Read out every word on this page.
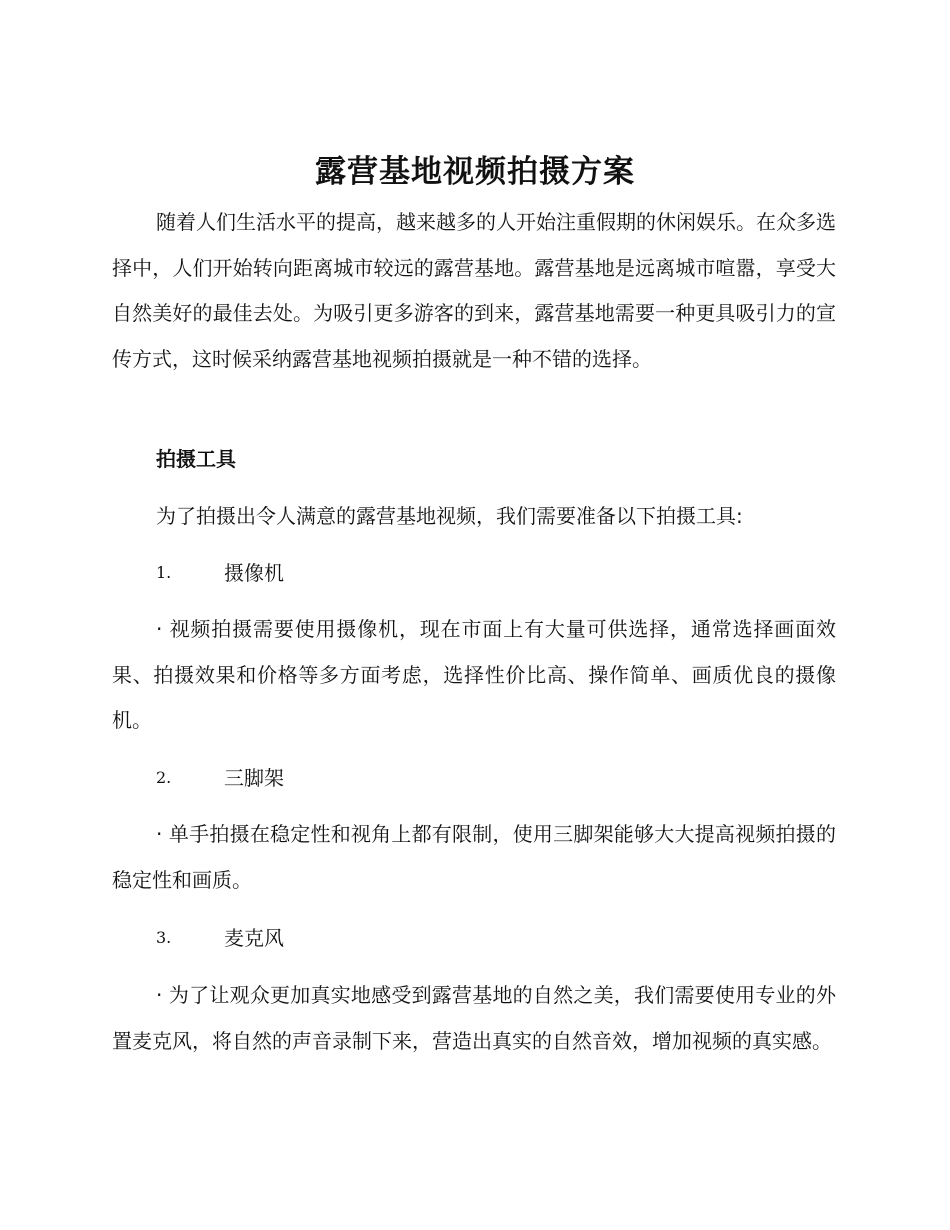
露营基地视频拍摄方案

随着人们生活水平的提高，越来越多的人开始注重假期的休闲娱乐。在众多选择中，人们开始转向距离城市较远的露营基地。露营基地是远离城市喧嚣，享受大自然美好的最佳去处。为吸引更多游客的到来，露营基地需要一种更具吸引力的宣传方式，这时候采纳露营基地视频拍摄就是一种不错的选择。

拍摄工具
为了拍摄出令人满意的露营基地视频，我们需要准备以下拍摄工具:
1.	摄像机

· 视频拍摄需要使用摄像机，现在市面上有大量可供选择，通常选择画面效果、拍摄效果和价格等多方面考虑，选择性价比高、操作简单、画质优良的摄像机。

2.	三脚架

· 单手拍摄在稳定性和视角上都有限制，使用三脚架能够大大提高视频拍摄的稳定性和画质。

3.	麦克风

· 为了让观众更加真实地感受到露营基地的自然之美，我们需要使用专业的外置麦克风，将自然的声音录制下来，营造出真实的自然音效，增加视频的真实感。
